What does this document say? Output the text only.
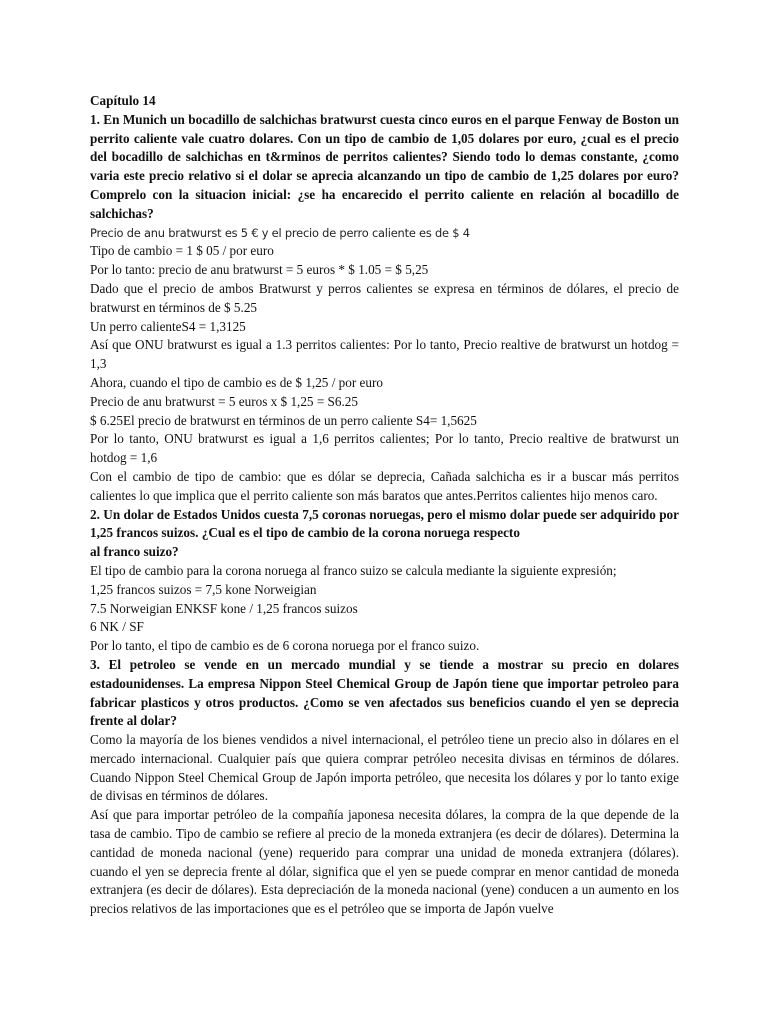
Capítulo 14

1. En Munich un bocadillo de salchichas bratwurst cuesta cinco euros en el parque Fenway de Boston un perrito caliente vale cuatro dolares. Con un tipo de cambio de 1,05 dolares por euro, ¿cual es el precio del bocadillo de salchichas en t&rminos de perritos calientes? Siendo todo lo demas constante, ¿como varia este precio relativo si el dolar se aprecia alcanzando un tipo de cambio de 1,25 dolares por euro? Comprelo con la situacion inicial: ¿se ha encarecido el perrito caliente en relación al bocadillo de salchichas?

Precio de anu bratwurst es 5 € y el precio de perro caliente es de $ 4

Tipo de cambio = 1 $ 05 / por euro

Por lo tanto: precio de anu bratwurst = 5 euros * $ 1.05 = $ 5,25

Dado que el precio de ambos Bratwurst y perros calientes se expresa en términos de dólares, el precio de bratwurst en términos de $ 5.25

Un perro calienteS4 = 1,3125

Así que ONU bratwurst es igual a 1.3 perritos calientes: Por lo tanto, Precio realtive de bratwurst un hotdog = 1,3

Ahora, cuando el tipo de cambio es de $ 1,25 / por euro

Precio de anu bratwurst = 5 euros x $ 1,25 = S6.25

$ 6.25El precio de bratwurst en términos de un perro caliente S4= 1,5625

Por lo tanto, ONU bratwurst es igual a 1,6 perritos calientes; Por lo tanto, Precio realtive de bratwurst un hotdog = 1,6

Con el cambio de tipo de cambio: que es dólar se deprecia, Cañada salchicha es ir a buscar más perritos calientes lo que implica que el perrito caliente son más baratos que antes.Perritos calientes hijo menos caro.

2. Un dolar de Estados Unidos cuesta 7,5 coronas noruegas, pero el mismo dolar puede ser adquirido por 1,25 francos suizos. ¿Cual es el tipo de cambio de la corona noruega respecto

al franco suizo?

El tipo de cambio para la corona noruega al franco suizo se calcula mediante la siguiente expresión;

1,25 francos suizos = 7,5 kone Norweigian

7.5 Norweigian ENKSF kone / 1,25 francos suizos

6 NK / SF

Por lo tanto, el tipo de cambio es de 6 corona noruega por el franco suizo.

3. El petroleo se vende en un mercado mundial y se tiende a mostrar su precio en dolares estadounidenses. La empresa Nippon Steel Chemical Group de Japón tiene que importar petroleo para fabricar plasticos y otros productos. ¿Como se ven afectados sus beneficios cuando el yen se deprecia frente al dolar?

Como la mayoría de los bienes vendidos a nivel internacional, el petróleo tiene un precio also in dólares en el mercado internacional. Cualquier país que quiera comprar petróleo necesita divisas en términos de dólares. Cuando Nippon Steel Chemical Group de Japón importa petróleo, que necesita los dólares y por lo tanto exige de divisas en términos de dólares.

Así que para importar petróleo de la compañía japonesa necesita dólares, la compra de la que depende de la tasa de cambio. Tipo de cambio se refiere al precio de la moneda extranjera (es decir de dólares). Determina la cantidad de moneda nacional (yene) requerido para comprar una unidad de moneda extranjera (dólares). cuando el yen se deprecia frente al dólar, significa que el yen se puede comprar en menor cantidad de moneda extranjera (es decir de dólares). Esta depreciación de la moneda nacional (yene) conducen a un aumento en los precios relativos de las importaciones que es el petróleo que se importa de Japón vuelve
